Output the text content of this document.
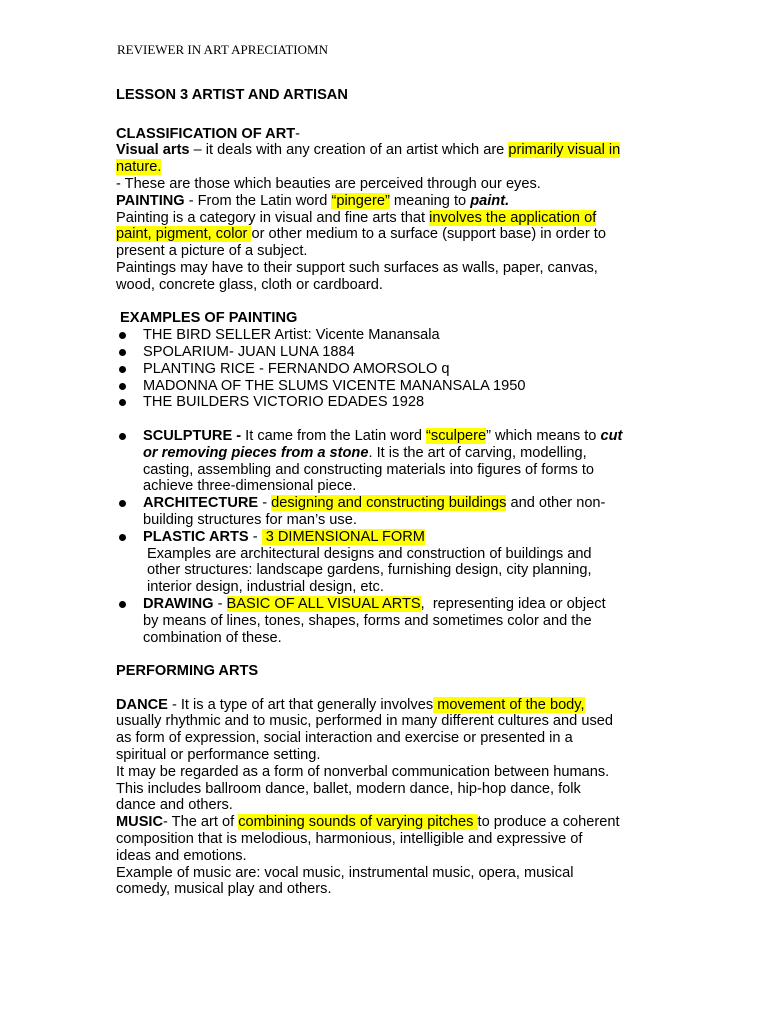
REVIEWER IN ART APRECIATIOMN
LESSON 3 ARTIST AND ARTISAN
CLASSIFICATION OF ART-
Visual arts – it deals with any creation of an artist which are primarily visual in
nature.
- These are those which beauties are perceived through our eyes.
PAINTING - From the Latin word “pingere” meaning to paint.
Painting is a category in visual and fine arts that involves the application of
paint, pigment, color or other medium to a surface (support base) in order to
present a picture of a subject.
Paintings may have to their support such surfaces as walls, paper, canvas,
wood, concrete glass, cloth or cardboard.
EXAMPLES OF PAINTING
THE BIRD SELLER Artist: Vicente Manansala
SPOLARIUM- JUAN LUNA 1884
PLANTING RICE - FERNANDO AMORSOLO q
MADONNA OF THE SLUMS VICENTE MANANSALA 1950
THE BUILDERS VICTORIO EDADES 1928
SCULPTURE - It came from the Latin word “sculpere” which means to cut
or removing pieces from a stone. It is the art of carving, modelling,
casting, assembling and constructing materials into figures of forms to
achieve three-dimensional piece.
ARCHITECTURE - designing and constructing buildings and other non-
building structures for man’s use.
PLASTIC ARTS -  3 DIMENSIONAL FORM
Examples are architectural designs and construction of buildings and
other structures: landscape gardens, furnishing design, city planning,
interior design, industrial design, etc.
DRAWING - BASIC OF ALL VISUAL ARTS,  representing idea or object
by means of lines, tones, shapes, forms and sometimes color and the
combination of these.
PERFORMING ARTS
DANCE - It is a type of art that generally involves movement of the body,
usually rhythmic and to music, performed in many different cultures and used
as form of expression, social interaction and exercise or presented in a
spiritual or performance setting.
It may be regarded as a form of nonverbal communication between humans.
This includes ballroom dance, ballet, modern dance, hip-hop dance, folk
dance and others.
MUSIC- The art of combining sounds of varying pitches to produce a coherent
composition that is melodious, harmonious, intelligible and expressive of
ideas and emotions.
Example of music are: vocal music, instrumental music, opera, musical
comedy, musical play and others.
